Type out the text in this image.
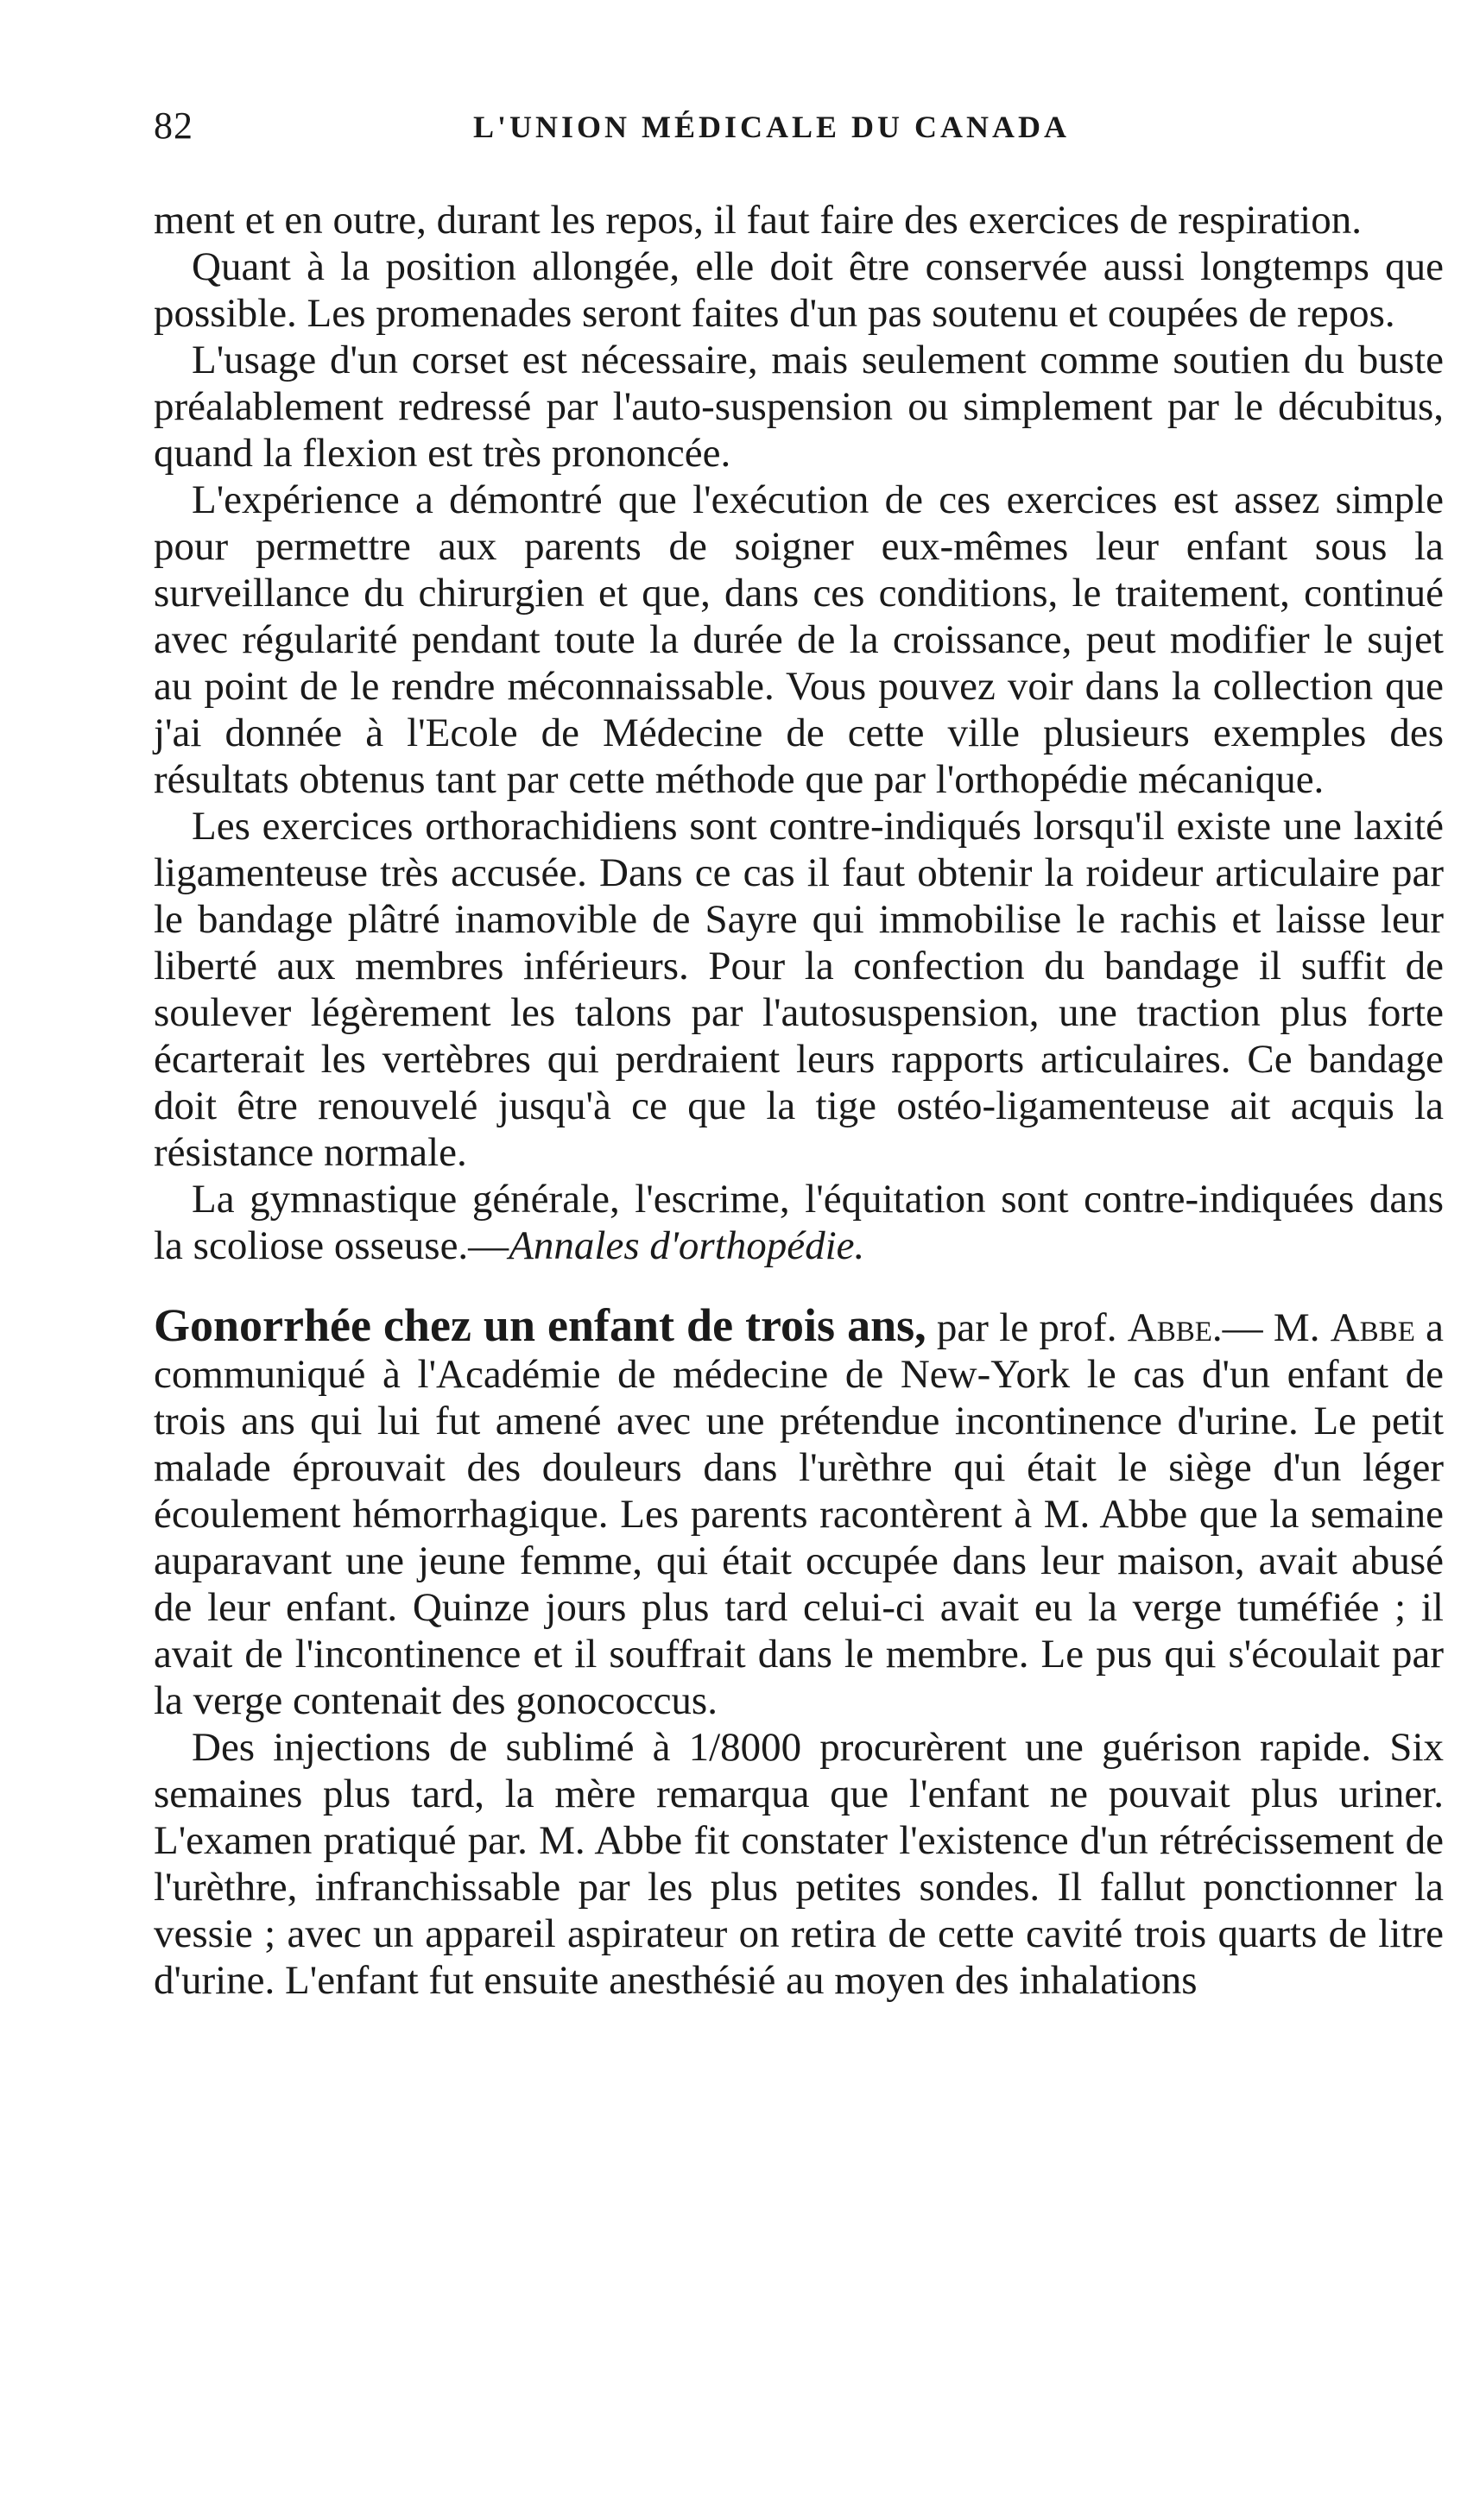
82	L'UNION MÉDICALE DU CANADA

ment et en outre, durant les repos, il faut faire des exercices de respiration.

Quant à la position allongée, elle doit être conservée aussi longtemps que possible. Les promenades seront faites d'un pas soutenu et coupées de repos.

L'usage d'un corset est nécessaire, mais seulement comme soutien du buste préalablement redressé par l'auto-suspension ou simplement par le décubitus, quand la flexion est très prononcée.

L'expérience a démontré que l'exécution de ces exercices est assez simple pour permettre aux parents de soigner eux-mêmes leur enfant sous la surveillance du chirurgien et que, dans ces conditions, le traitement, continué avec régularité pendant toute la durée de la croissance, peut modifier le sujet au point de le rendre méconnaissable. Vous pouvez voir dans la collection que j'ai donnée à l'Ecole de Médecine de cette ville plusieurs exemples des résultats obtenus tant par cette méthode que par l'orthopédie mécanique.

Les exercices orthorachidiens sont contre-indiqués lorsqu'il existe une laxité ligamenteuse très accusée. Dans ce cas il faut obtenir la roideur articulaire par le bandage plâtré inamovible de Sayre qui immobilise le rachis et laisse leur liberté aux membres inférieurs. Pour la confection du bandage il suffit de soulever légèrement les talons par l'autosuspension, une traction plus forte écarterait les vertèbres qui perdraient leurs rapports articulaires. Ce bandage doit être renouvelé jusqu'à ce que la tige ostéo-ligamenteuse ait acquis la résistance normale.

La gymnastique générale, l'escrime, l'équitation sont contre-indiquées dans la scoliose osseuse.—Annales d'orthopédie.

Gonorrhée chez un enfant de trois ans, par le prof. Abbe.— M. Abbe a communiqué à l'Académie de médecine de New-York le cas d'un enfant de trois ans qui lui fut amené avec une prétendue incontinence d'urine. Le petit malade éprouvait des douleurs dans l'urèthre qui était le siège d'un léger écoulement hémorrhagique. Les parents racontèrent à M. Abbe que la semaine auparavant une jeune femme, qui était occupée dans leur maison, avait abusé de leur enfant. Quinze jours plus tard celui-ci avait eu la verge tuméfiée ; il avait de l'incontinence et il souffrait dans le membre. Le pus qui s'écoulait par la verge contenait des gonococcus.

Des injections de sublimé à 1/8000 procurèrent une guérison rapide. Six semaines plus tard, la mère remarqua que l'enfant ne pouvait plus uriner. L'examen pratiqué par. M. Abbe fit constater l'existence d'un rétrécissement de l'urèthre, infranchissable par les plus petites sondes. Il fallut ponctionner la vessie ; avec un appareil aspirateur on retira de cette cavité trois quarts de litre d'urine. L'enfant fut ensuite anesthésié au moyen des inhalations
